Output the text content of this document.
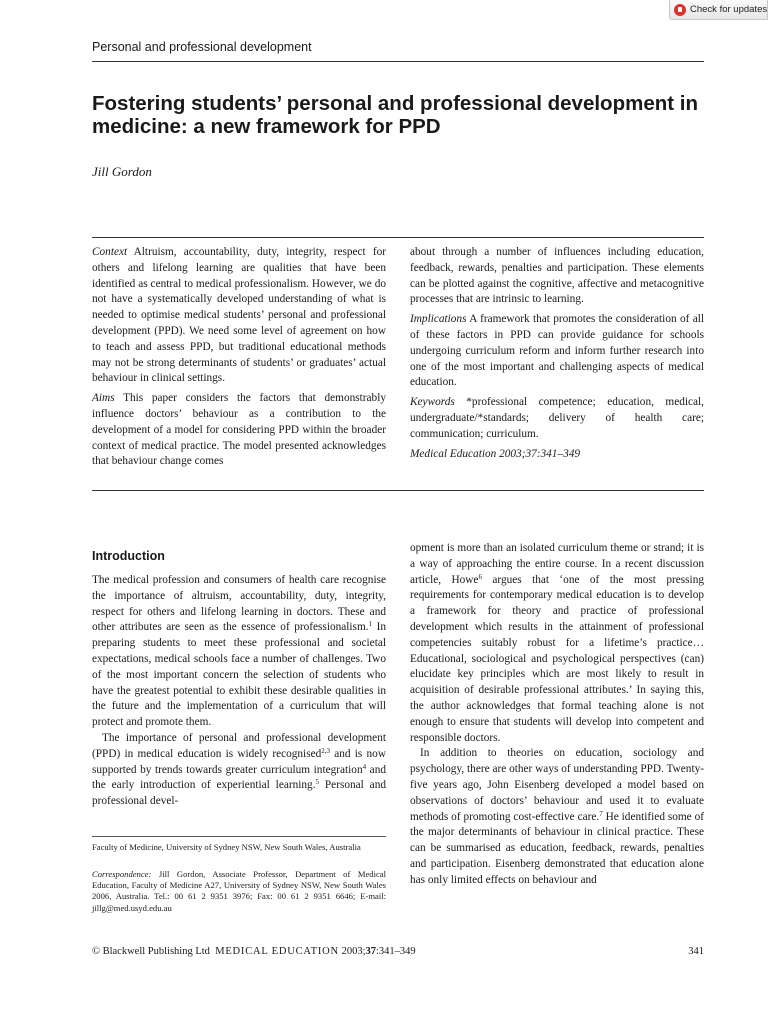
Check for updates
Personal and professional development
Fostering students’ personal and professional development in medicine: a new framework for PPD
Jill Gordon

Context Altruism, accountability, duty, integrity, respect for others and lifelong learning are qualities that have been identified as central to medical professionalism. However, we do not have a systematically developed understanding of what is needed to optimise medical students’ personal and professional development (PPD). We need some level of agreement on how to teach and assess PPD, but traditional educational methods may not be strong determinants of students’ or graduates’ actual behaviour in clinical settings.

Aims This paper considers the factors that demonstrably influence doctors’ behaviour as a contribution to the development of a model for considering PPD within the broader context of medical practice. The model presented acknowledges that behaviour change comes

about through a number of influences including education, feedback, rewards, penalties and participation. These elements can be plotted against the cognitive, affective and metacognitive processes that are intrinsic to learning.

Implications A framework that promotes the consideration of all of these factors in PPD can provide guidance for schools undergoing curriculum reform and inform further research into one of the most important and challenging aspects of medical education.

Keywords *professional competence; education, medical, undergraduate/*standards; delivery of health care; communication; curriculum.

Medical Education 2003;37:341–349

Introduction

The medical profession and consumers of health care recognise the importance of altruism, accountability, duty, integrity, respect for others and lifelong learning in doctors. These and other attributes are seen as the essence of professionalism.$^1$ In preparing students to meet these professional and societal expectations, medical schools face a number of challenges. Two of the most important concern the selection of students who have the greatest potential to exhibit these desirable qualities in the future and the implementation of a curriculum that will protect and promote them.

The importance of personal and professional development (PPD) in medical education is widely recognised$^{2,3}$ and is now supported by trends towards greater curriculum integration$^4$ and the early introduction of experiential learning.$^5$ Personal and professional devel-

opment is more than an isolated curriculum theme or strand; it is a way of approaching the entire course. In a recent discussion article, Howe$^6$ argues that ‘one of the most pressing requirements for contemporary medical education is to develop a framework for theory and practice of professional development which results in the attainment of professional competencies suitably robust for a lifetime’s practice… Educational, sociological and psychological perspectives (can) elucidate key principles which are most likely to result in acquisition of desirable professional attributes.’ In saying this, the author acknowledges that formal teaching alone is not enough to ensure that students will develop into competent and responsible doctors.

In addition to theories on education, sociology and psychology, there are other ways of understanding PPD. Twenty-five years ago, John Eisenberg developed a model based on observations of doctors’ behaviour and used it to evaluate methods of promoting cost-effective care.$^7$ He identified some of the major determinants of behaviour in clinical practice. These can be summarised as education, feedback, rewards, penalties and participation. Eisenberg demonstrated that education alone has only limited effects on behaviour and

Faculty of Medicine, University of Sydney NSW, New South Wales, Australia
Correspondence: Jill Gordon, Associate Professor, Department of Medical Education, Faculty of Medicine A27, University of Sydney NSW, New South Wales 2006, Australia. Tel.: 00 61 2 9351 3976; Fax: 00 61 2 9351 6646; E-mail: jillg@med.usyd.edu.au
© Blackwell Publishing Ltd MEDICAL EDUCATION 2003;37:341–349	341
